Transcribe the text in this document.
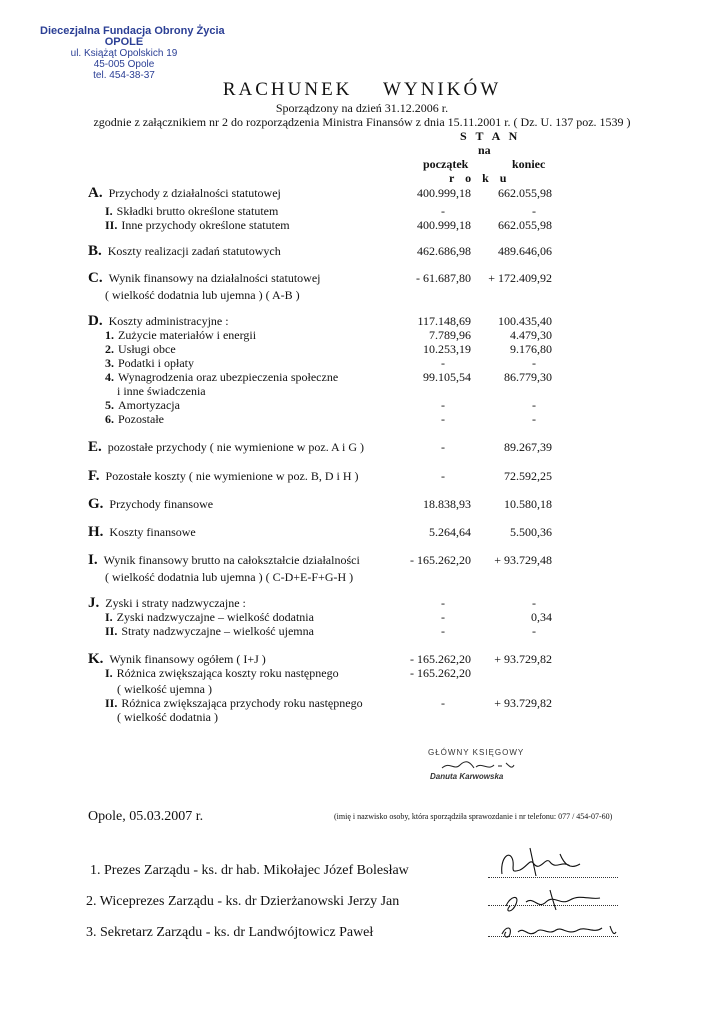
Diecezjalna Fundacja Obrony Życia
OPOLE
ul. Książąt Opolskich 19
45-005 Opole
tel. 454-38-37
RACHUNEK    WYNIKÓW
Sporządzony na dzień 31.12.2006 r.
zgodnie z załącznikiem nr 2 do rozporządzenia Ministra Finansów z dnia 15.11.2001 r. ( Dz. U. 137 poz. 1539 )
S T A N
na
początek	koniec
r o k u
A. Przychody z działalności statutowej	400.999,18 662.055,98
I. Składki brutto określone statutem	-	-
II. Inne przychody określone statutem	400.999,18 662.055,98
B. Koszty realizacji zadań statutowych	462.686,98 489.646,06
C. Wynik finansowy na działalności statutowej	- 61.687,80 + 172.409,92
( wielkość dodatnia lub ujemna ) ( A-B )
D. Koszty administracyjne :	117.148,69 100.435,40
1. Zużycie materiałów i energii	7.789,96	4.479,30
2. Usługi obce	10.253,19	9.176,80
3. Podatki i opłaty	-	-
4. Wynagrodzenia oraz ubezpieczenia społeczne	99.105,54	86.779,30
i inne świadczenia
5. Amortyzacja	-	-
6. Pozostałe	-	-
E. pozostałe przychody ( nie wymienione w poz. A i G )	-	89.267,39
F. Pozostałe koszty ( nie wymienione w poz. B, D i H )	-	72.592,25
G. Przychody finansowe	18.838,93	10.580,18
H. Koszty finansowe	5.264,64	5.500,36
I. Wynik finansowy brutto na całokształcie działalności	- 165.262,20 + 93.729,48
( wielkość dodatnia lub ujemna ) ( C-D+E-F+G-H )
J. Zyski i straty nadzwyczajne :	-	-
I. Zyski nadzwyczajne – wielkość dodatnia	-	0,34
II. Straty nadzwyczajne – wielkość ujemna	-	-
K. Wynik finansowy ogółem ( I+J )	- 165.262,20 + 93.729,82
I. Różnica zwiększająca koszty roku następnego	- 165.262,20
( wielkość ujemna )
II. Różnica zwiększająca przychody roku następnego	-	+ 93.729,82
( wielkość dodatnia )
GŁÓWNY KSIĘGOWY
Danuta Karwowska
Opole, 05.03.2007 r.	(imię i nazwisko osoby, która sporządziła sprawozdanie i nr telefonu: 077 / 454-07-60)
1. Prezes Zarządu - ks. dr hab. Mikołajec Józef Bolesław
2. Wiceprezes Zarządu - ks. dr Dzierżanowski Jerzy Jan
3. Sekretarz Zarządu - ks. dr Landwójtowicz Paweł
